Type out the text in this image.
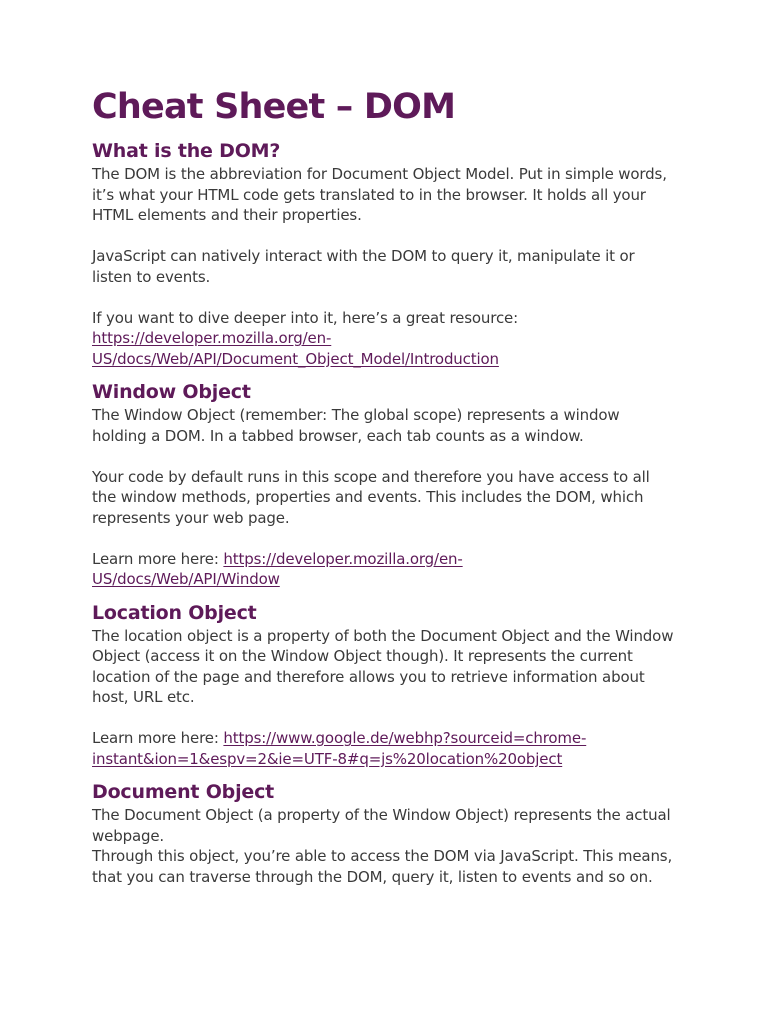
Cheat Sheet – DOM
What is the DOM?

The DOM is the abbreviation for Document Object Model. Put in simple words, it’s what your HTML code gets translated to in the browser. It holds all your HTML elements and their properties.

JavaScript can natively interact with the DOM to query it, manipulate it or listen to events.

If you want to dive deeper into it, here’s a great resource:
https://developer.mozilla.org/en-
US/docs/Web/API/Document_Object_Model/Introduction

Window Object

The Window Object (remember: The global scope) represents a window holding a DOM. In a tabbed browser, each tab counts as a window.

Your code by default runs in this scope and therefore you have access to all the window methods, properties and events. This includes the DOM, which represents your web page.

Learn more here: https://developer.mozilla.org/en-
US/docs/Web/API/Window

Location Object

The location object is a property of both the Document Object and the Window Object (access it on the Window Object though). It represents the current location of the page and therefore allows you to retrieve information about host, URL etc.

Learn more here: https://www.google.de/webhp?sourceid=chrome-
instant&ion=1&espv=2&ie=UTF-8#q=js%20location%20object

Document Object

The Document Object (a property of the Window Object) represents the actual webpage.

Through this object, you’re able to access the DOM via JavaScript. This means, that you can traverse through the DOM, query it, listen to events and so on.
